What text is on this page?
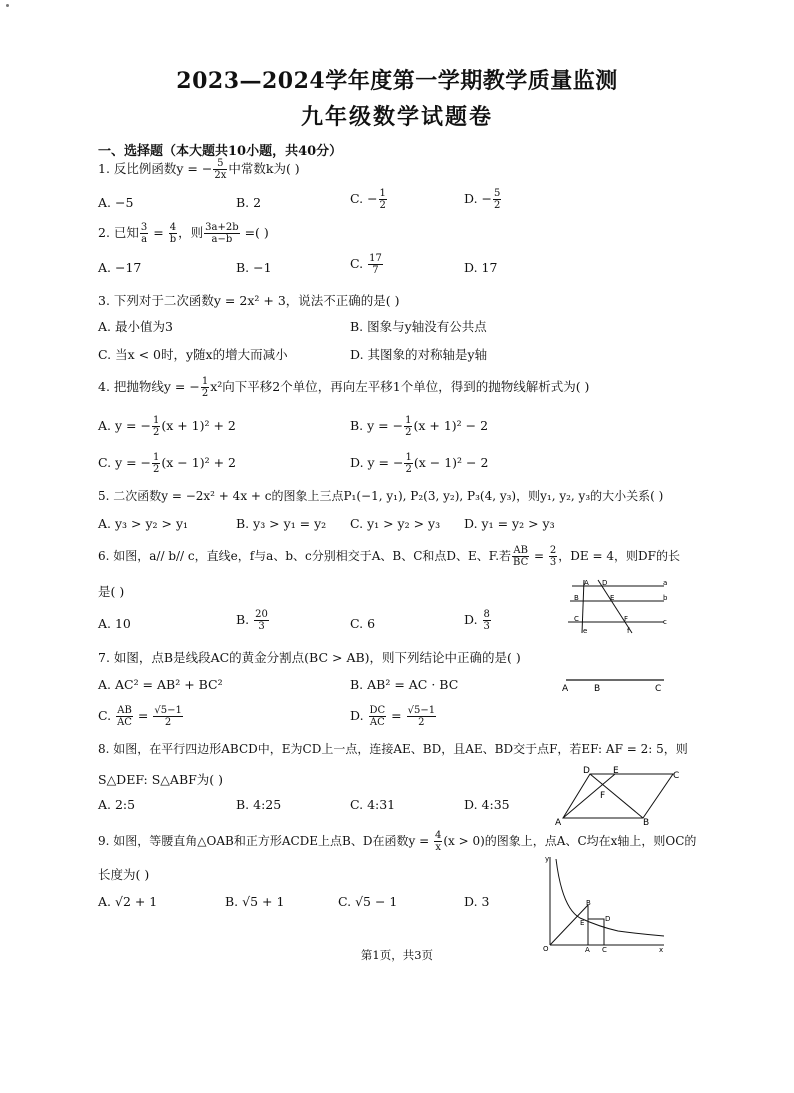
2023—2024学年度第一学期教学质量监测
九年级数学试题卷
一、选择题（本大题共10小题，共40分）
1. 反比例函数y = − $\frac{5}{2x}$ 中常数k为( )
A. −5	B. 2	C. − $\frac{1}{2}$	D. − $\frac{5}{2}$
2. 已知 $\frac{3}{a} = \frac{4}{b}$ ，则 $\frac{3a+2b}{a-b}$ =( )
A. −17	B. −1	C. $\frac{17}{7}$	D. 17
3. 下列对于二次函数y = 2x² + 3，说法不正确的是( )
A. 最小值为3	B. 图象与y轴没有公共点
C. 当x < 0时，y随x的增大而减小	D. 其图象的对称轴是y轴
4. 把抛物线y = − $\frac{1}{2} x^2$向下平移2个单位，再向左平移1个单位，得到的抛物线解析式为( )
A. y = − $\frac{1}{2} (x + 1)^2 + 2$	B. y = − $\frac{1}{2} (x + 1)^2 - 2$
C. y = − $\frac{1}{2} (x - 1)^2 + 2$	D. y = − $\frac{1}{2} (x - 1)^2 - 2$
5. 二次函数y = −2x² + 4x + c的图象上三点P₁(−1, y₁), P₂(3, y₂), P₃(4, y₃)，则y₁, y₂, y₃的大小关系( )
A. y₃ > y₂ > y₁	B. y₃ > y₁ = y₂ C. y₁ > y₂ > y₃ D. y₁ = y₂ > y₃
6. 如图，a// b// c，直线e，f与a、b、c分别相交于A、B、C和点D、E、F.若 $\frac{AB}{BC} = \frac{2}{3}$ ，DE = 4，则DF的长
是( )
A. 10	B. $\frac{20}{3}$	C. 6	D. $\frac{8}{3}$
A D	a
B	E	b
C	F	c
e	f
7. 如图，点B是线段AC的黄金分割点(BC > AB)，则下列结论中正确的是( )
A. AC² = AB² + BC²	B. AB² = AC · BC
C. $\frac{AB}{AC} = \frac{√5-1}{2}$	D. $\frac{DC}{AC} = \frac{√5-1}{2}$
A	B	C
8. 如图，在平行四边形ABCD中，E为CD上一点，连接AE、BD，且AE、BD交于点F，若EF: AF = 2: 5，则
S△DEF: S△ABF为( )
A. 2:5	B. 4:25	C. 4:31	D. 4:35
D	E	C
F
A	B
9. 如图，等腰直角△OAB和正方形ACDE上点B、D在函数$y = \frac{4}{x} (x > 0)$的图象上，点A、C均在x轴上，则OC的
长度为( )
A. √2 + 1	B. √5 + 1	C. √5 − 1	D. 3
y
B
D
E
O	A C	x
第1页，共3页
